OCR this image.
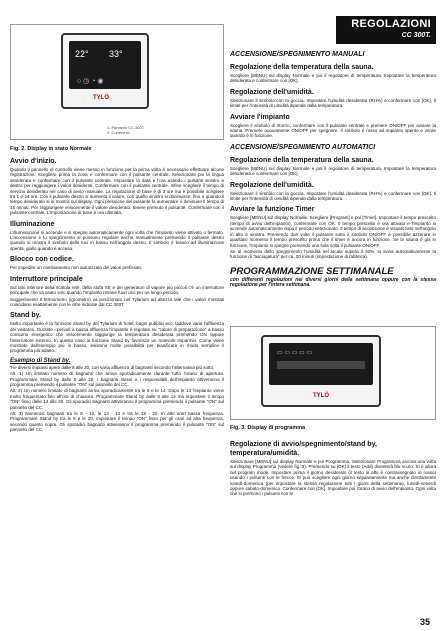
22° 33°
○ ◷ ◔ ◉
TYLÖ
1. Pannello CC 300T
2. Coperchio
Fig. 2. Display in stato Normale
REGOLAZIONI
CC 300T.
Avvio d'inizio.

Quando il pannello di controllo viene messo in funzione per la prima volta è necessario effettuare alcune registrazioni. Scegliere prima la zona e confermare con il pulsante centrale. Selezionare poi la lingua desiderata e confermare con il pulsante centrale. Impostare la data e l'ora usando i pulsanti sinistro e destro per raggiungere i valori desiderati. Confermare con il pulsante centrale. Infine scegliere il tempo di servizio desiderato nel caso di avvio manuale. La regolazione di base è di 3 ore ma è possibile scegliere tra 1 e 24 ore. Con il pulsante destro si aumenta il valore, con quello sinistro si diminuisce, fino a quando il tempo desiderato si in mostra sul display. Ogni pressione del pulsante fa aumentare o diminuire il tempo di 15 minuti. Per raggiungere velocemente il valore desiderato, tenere premuto il pulsante. Confermare con il pulsante centrale. L'impostazione di base è ora ultimata.

Illuminazione

L'illuminazione si accende e si spegne automaticamente ogni volta che l'impianto viene attivato o fermato. L'accensione e lo spegnimento si possono regolare anche manualmente premendo il pulsante destro quando si mostra il simbolo delle luci in basso nell'angolo destro. Il simbolo è bianco ad illuminazione spenta, giallo quando è accesa.

Blocco con codice.

Per impedire un cambiamento non autorizzato dei valori prefissati.

Interruttore principale

Sul lato inferiore della scatola relè, della stufa SE e dei generatori di vapore più piccoli c'è un interruttore principale che va usato solo quando l'impianto rimane fuori uso per un lungo periodo.

Suggerimenti! Il termometro (igrometro) va posizionato nel Tylarium ad altezza tale che i valori mostrati coincidano esattamente con le cifre indicate dal CC 300T.

Stand by.

Molto importante è la funzione Stand by del Tylarium di hotel, bagni pubblici ecc. laddove varia l'affluenza dei visitatori. Durante i periodi a bassa affluenza l'impianto è regolato su "calore di preparazione" a basso consumo energetico che velocemente raggiunge la temperatura desiderata premendo ON oppure l'interruttore esterno. In questo caso la funzione Stand by favorisce un notevole risparmio. Come viene mostrato dall'esempio più in basso, esistono molte possibilità per pianificare in modo semplice il programma più adatto.

Esempio di Stand by.

Tre diversi impianti aperti dalle 8 alle 20, con varia affluenza di bagnanti secondo l'alternativa più sotto.

Alt. 1) Un limitato numero di bagnanti che arriva sporadicamente durante tutto l'orario di apertura. Programmare Stand by dalle 8 alle 20. I bagnanti stessi o i responsabili dell'impianto attiveranno il programma premendo il pulsante "ON" sul pannello del CC.

Alt. 2) Un numero limitato di bagnanti arriva sporadicamente tra le 8 e le 14. Dopo le 14 l'impianto viene molto frequentato fino all'ora di chiusura. Programmare Stand by dalle 8 alle 14 ma impostare il tempo "ON" fisso dalle 14 alle 20. Gli sporadici bagnanti attiveranno il programma premendo il pulsante "ON" sul pannello del CC.

Alt. 3) Numerosi bagnanti tra le 8 - 10, le 13 - 14 e tra le 18 - 20. In altri orari bassa frequenza. Programmare Stand by tra le 8 e le 20, impostare il tempo "ON" fisso per gli orari ad alta frequenza, secondo quanto sopra. Gli sporadici bagnanti attiveranno il programma premendo il pulsante "ON" sul pannello del CC.

ACCENSIONE/SPEGNIMENTO MANUALI
Regolazione della temperatura della sauna.

Scegliere [MENU] sul display Normale e poi il regolatore di temperatura. Impostare la temperatura desiderata e confermare con [OK].

Regolazione dell'umidità.

Selezionare il simbolo con la goccia. Impostare l'umidità desiderata (RH%) e confermare con [OK]. Il limite per l'intensità di umidità dipende dalla temperatura.

Avviare l'impianto

Scegliere il simbolo di ritorno, confermare con il pulsante centrale e premere ON/OFF per avviare la sauna. Premere nuovamente ON/OFF per spegnere. Il simbolo è rosso ad impianto spento e verde quando è in funzione.

ACCENSIONE/SPEGNIMENTO AUTOMATICI
Regolazione della temperatura della sauna.

Scegliere [MENU] sul display Normale e poi il regolatore di temperatura. Impostare la temperatura desiderata e confermare con [OK].

Regolazione dell'umidità.

Selezionare il simbolo con la goccia. Impostare l'umidità desiderata (RH%) e confermare con [OK]. Il limite per l'intensità di umidità dipende dalla temperatura.

Avviare la funzione Timer

Scegliere [MENU] sul display Normale. Scegliere [Program] e poi [Timer]. Impostare il tempo prescelto (tempo di avvio dell'impianto), confermare con OK. Il tempo prescelto è ora attivato e l'impianto si accende automaticamente dopo il periodo selezionato. Il tempo di accensione è visualizzato nell'angolo in alto a sinistra. Premendo due volte il pulsante sotto il simbolo ON/OFF è possibile azzerare in qualsiasi momento il tempo prescelto prima che il timer è ancora in funzione. Se la sauna è già in funzione, l'impianto si spegne premendo una sola volta il pulsante ON/OFF.

Se al momento dello spegnimento l'umidità nel locale supera il 30%, si avvia automaticamente la funzione di "asciugatura" per ca. 20 minuti (impostazione di fabbrica).

PROGRAMMAZIONE SETTIMANALE

con differenti regolazioni nei diversi giorni della settimana oppure con la stessa regolazione per l'intera settimana.

▭ ▭ ▭ ▭ ▭
TYLÖ
Fig. 3. Display di programma
Regolazione di avvio/spegnimento/stand by, temperatura/umidità.

Selezionare [MENU] sul display Normale e poi Programma. Selezionare Programma ancora una volta sul display Programma (vedere fig. 3). Premendo su [OK] il testo (Add) diventerà blu scuro. Si è allora nel program mode. Impostare prima il giorno desiderato (il testo in alto è contrassegnato in rosso) usando i pulsanti con le frecce. Si può scegliere ogni giorno separatamente ma anche direttamente lunedì-domenica (per impostare la stessa regolazione tutti i giorni della settimana), lunedì-venerdì oppure sabato-domenica. Confermare con [OK]. Impostare poi l'orario di avvio dell'impianto. Ogni volta che si premono i pulsanti con le

35
